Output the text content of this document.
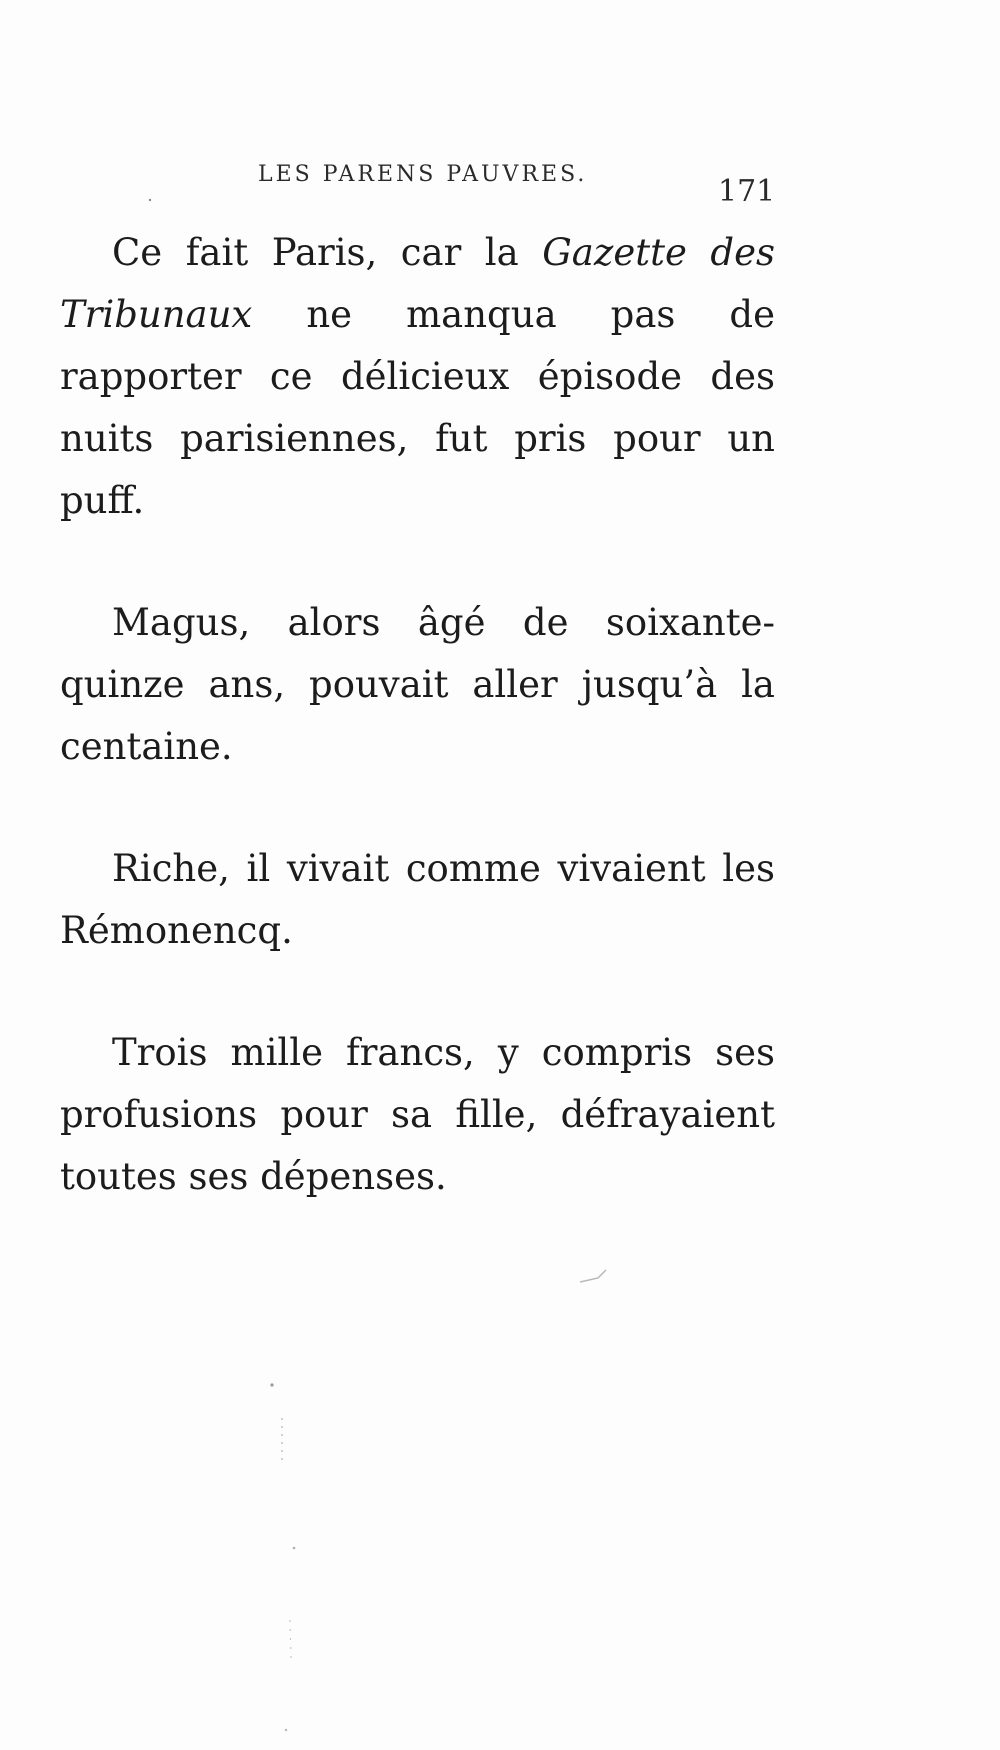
LES PARENS PAUVRES.	171

Ce fait Paris, car la Gazette des Tribunaux ne manqua pas de rapporter ce délicieux épisode des nuits parisiennes, fut pris pour un puff.

Magus, alors âgé de soixante-quinze ans, pouvait aller jusqu’à la centaine.

Riche, il vivait comme vivaient les Rémonencq.

Trois mille francs, y compris ses profusions pour sa fille, défrayaient toutes ses dépenses.
